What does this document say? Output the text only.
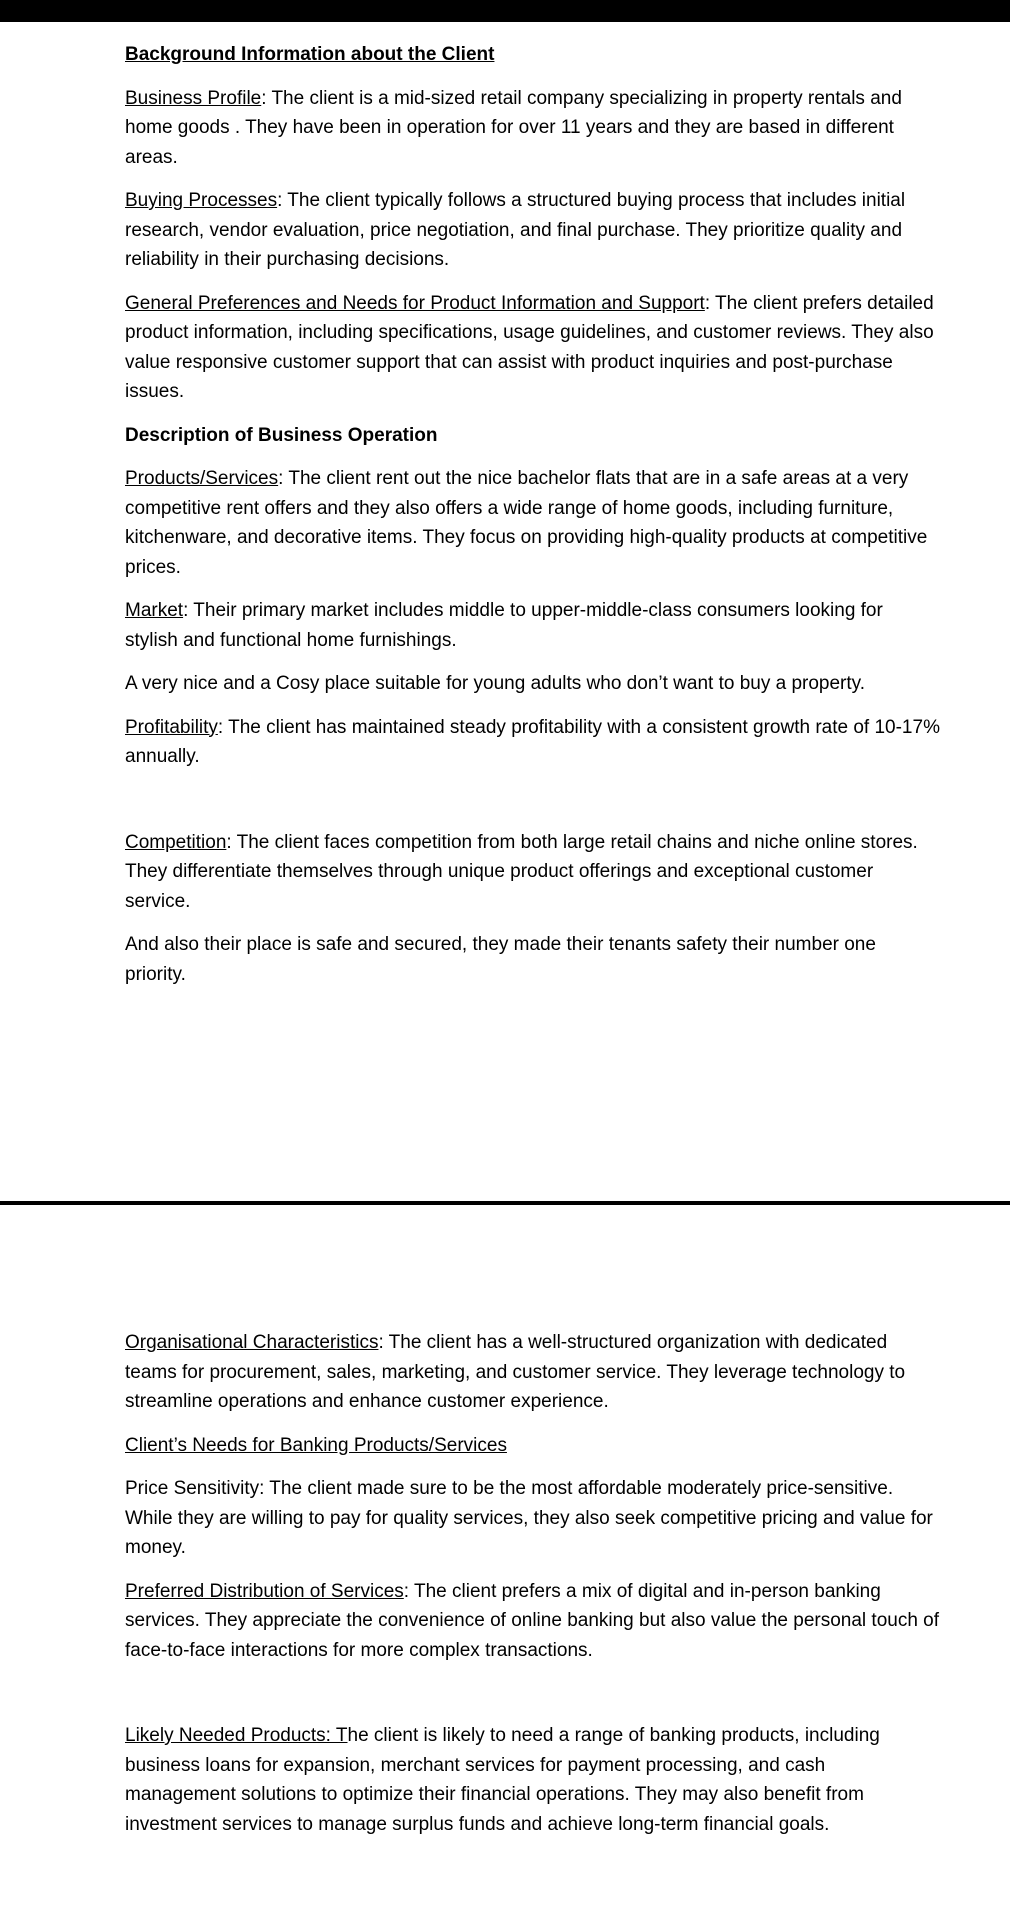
Background Information about the Client

Business Profile: The client is a mid-sized retail company specializing in property rentals and home goods . They have been in operation for over 11 years and they are based in different areas.

Buying Processes: The client typically follows a structured buying process that includes initial research, vendor evaluation, price negotiation, and final purchase. They prioritize quality and reliability in their purchasing decisions.

General Preferences and Needs for Product Information and Support: The client prefers detailed product information, including specifications, usage guidelines, and customer reviews. They also value responsive customer support that can assist with product inquiries and post-purchase issues.

Description of Business Operation

Products/Services: The client rent out the nice bachelor flats that are in a safe areas at a very competitive rent offers and they also offers a wide range of home goods, including furniture, kitchenware, and decorative items. They focus on providing high-quality products at competitive prices.

Market: Their primary market includes middle to upper-middle-class consumers looking for stylish and functional home furnishings.

A very nice and a Cosy place suitable for young adults who don’t want to buy a property.

Profitability: The client has maintained steady profitability with a consistent growth rate of 10-17% annually.

Competition: The client faces competition from both large retail chains and niche online stores. They differentiate themselves through unique product offerings and exceptional customer service.

And also their place is safe and secured, they made their tenants safety their number one priority.

Organisational Characteristics: The client has a well-structured organization with dedicated teams for procurement, sales, marketing, and customer service. They leverage technology to streamline operations and enhance customer experience.

Client’s Needs for Banking Products/Services

Price Sensitivity: The client made sure to be the most affordable moderately price-sensitive. While they are willing to pay for quality services, they also seek competitive pricing and value for money.

Preferred Distribution of Services: The client prefers a mix of digital and in-person banking services. They appreciate the convenience of online banking but also value the personal touch of face-to-face interactions for more complex transactions.

Likely Needed Products: The client is likely to need a range of banking products, including business loans for expansion, merchant services for payment processing, and cash management solutions to optimize their financial operations. They may also benefit from investment services to manage surplus funds and achieve long-term financial goals.
